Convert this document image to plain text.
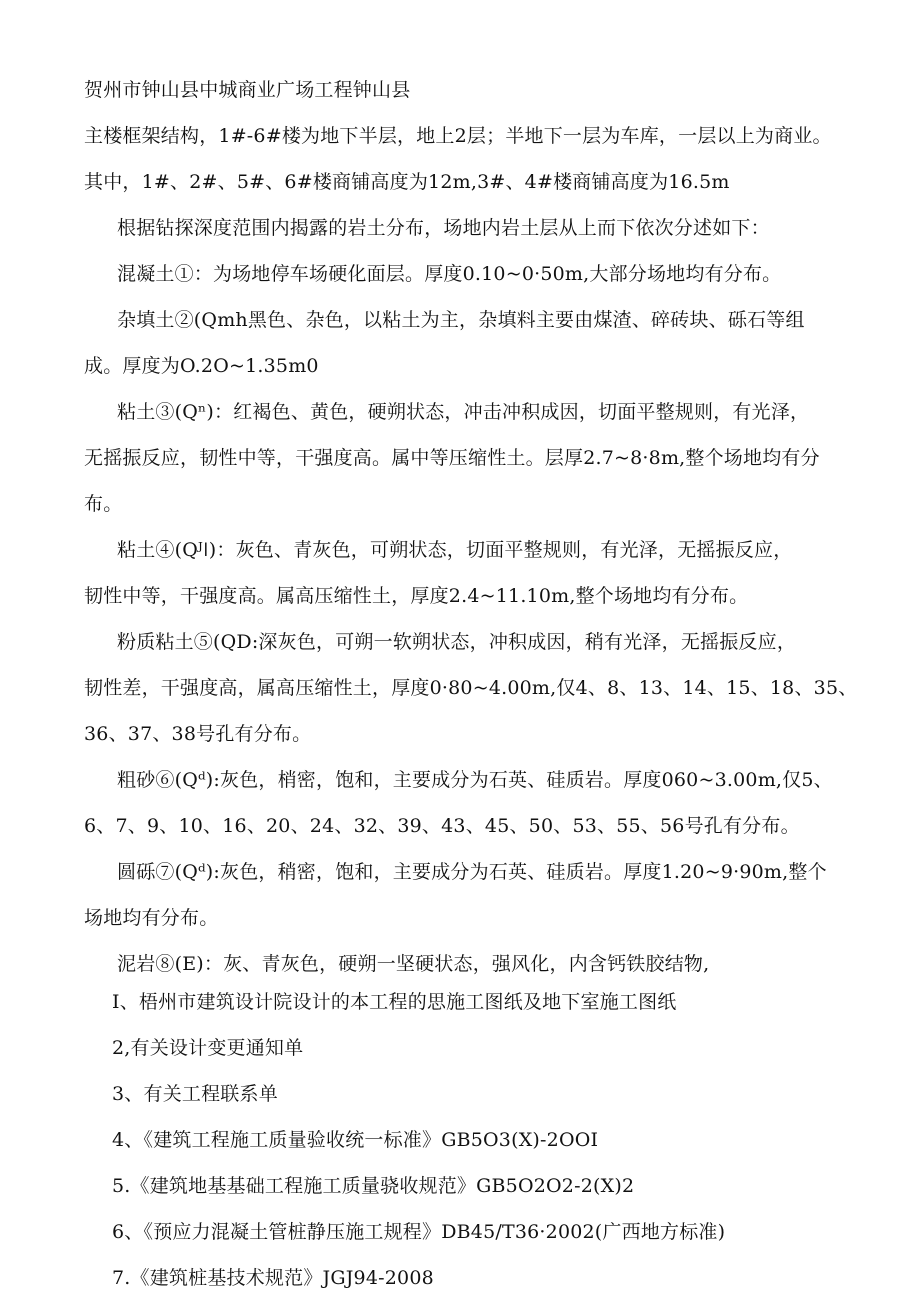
贺州市钟山县中城商业广场工程钟山县
主楼框架结构，1#-6#楼为地下半层，地上2层；半地下一层为车库，一层以上为商业。
其中，1#、2#、5#、6#楼商铺高度为12m,3#、4#楼商铺高度为16.5m
根据钻探深度范围内揭露的岩土分布，场地内岩土层从上而下依次分述如下：
混凝土①：为场地停车场硬化面层。厚度0.10~0·50m,大部分场地均有分布。
杂填土②(Qmh黑色、杂色，以粘土为主，杂填料主要由煤渣、碎砖块、砾石等组
成。厚度为O.2O~1.35m0
粘土③(Qⁿ)：红褐色、黄色，硬朔状态，冲击冲积成因，切面平整规则，有光泽，
无摇振反应，韧性中等，干强度高。属中等压缩性土。层厚2.7~8·8m,整个场地均有分
布。
粘土④(Qᴶǀ)：灰色、青灰色，可朔状态，切面平整规则，有光泽，无摇振反应，
韧性中等，干强度高。属高压缩性土，厚度2.4~11.10m,整个场地均有分布。
粉质粘土⑤(QD:深灰色，可朔一软朔状态，冲积成因，稍有光泽，无摇振反应，
韧性差，干强度高，属高压缩性土，厚度0·80~4.00m,仅4、8、13、14、15、18、35、
36、37、38号孔有分布。
粗砂⑥(Qᵈ):灰色，梢密，饱和，主要成分为石英、硅质岩。厚度060~3.00m,仅5、
6、7、9、10、16、20、24、32、39、43、45、50、53、55、56号孔有分布。
圆砾⑦(Qᵈ):灰色，稍密，饱和，主要成分为石英、硅质岩。厚度1.20~9·90m,整个
场地均有分布。
泥岩⑧(E)：灰、青灰色，硬朔一坚硬状态，强风化，内含钙铁胶结物,
I、梧州市建筑设计院设计的本工程的思施工图纸及地下室施工图纸
2,有关设计变更通知单
3、有关工程联系单
4、《建筑工程施工质量验收统一标准》GB5O3(X)-2OOI
5.《建筑地基基础工程施工质量骁收规范》GB5O2O2-2(X)2
6、《预应力混凝土管桩静压施工规程》DB45∕T36·2002(广西地方标准)
7.《建筑桩基技术规范》JGJ94-2008
